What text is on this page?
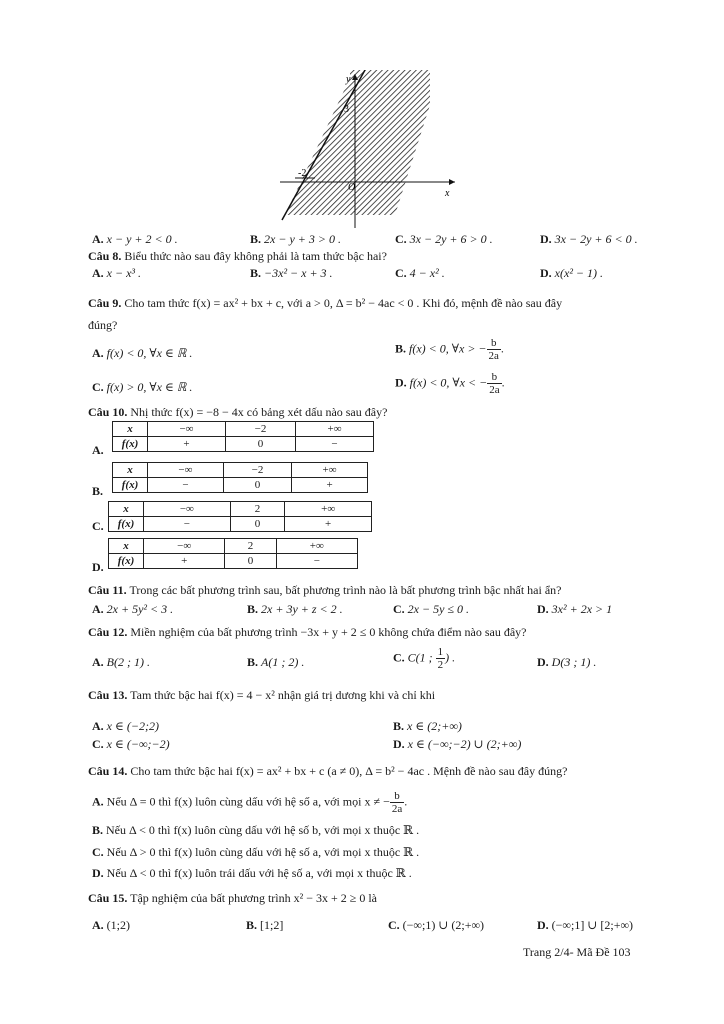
y
x
3
-2
O
A. x − y + 2 < 0 .	B. 2x − y + 3 > 0 .	C. 3x − 2y + 6 > 0 .	D. 3x − 2y + 6 < 0 .
Câu 8. Biểu thức nào sau đây không phải là tam thức bậc hai?
A. x − x³ .	B. −3x² − x + 3 .	C. 4 − x² .	D. x(x² − 1) .
Câu 9. Cho tam thức f(x) = ax² + bx + c, với a > 0, Δ = b² − 4ac < 0 . Khi đó, mệnh đề nào sau đây
đúng?
A. f(x) < 0, ∀x ∈ ℝ .	B. f(x) < 0, ∀x > − $\frac{b}{2a}$ .
C. f(x) > 0, ∀x ∈ ℝ .	D. f(x) < 0, ∀x < − $\frac{b}{2a}$ .
Câu 10. Nhị thức f(x) = −8 − 4x có bảng xét dấu nào sau đây?
A.
x	−∞	−2	+∞
f(x)	+	0	−
B.
x	−∞	−2	+∞
f(x)	−	0	+
C.
x	−∞	2	+∞
f(x)	−	0	+
D.
x	−∞	2	+∞
f(x)	+	0	−
Câu 11. Trong các bất phương trình sau, bất phương trình nào là bất phương trình bậc nhất hai ẩn?
A. 2x + 5y² < 3 .	B. 2x + 3y + z < 2 .	C. 2x − 5y ≤ 0 .	D. 3x² + 2x > 1
Câu 12. Miền nghiệm của bất phương trình −3x + y + 2 ≤ 0 không chứa điểm nào sau đây?
A. B(2 ; 1) .	B. A(1 ; 2) .	C. C(1 ; $\frac{1}{2}$ ) .	D. D(3 ; 1) .
Câu 13. Tam thức bậc hai f(x) = 4 − x² nhận giá trị dương khi và chỉ khi
A. x ∈ (−2;2)	B. x ∈ (2;+∞)
C. x ∈ (−∞;−2)	D. x ∈ (−∞;−2) ∪ (2;+∞)
Câu 14. Cho tam thức bậc hai f(x) = ax² + bx + c (a ≠ 0), Δ = b² − 4ac . Mệnh đề nào sau đây đúng?
A. Nếu Δ = 0 thì f(x) luôn cùng dấu với hệ số a, với mọi x ≠ − $\frac{b}{2a}$ .
B. Nếu Δ < 0 thì f(x) luôn cùng dấu với hệ số b, với mọi x thuộc ℝ .
C. Nếu Δ > 0 thì f(x) luôn cùng dấu với hệ số a, với mọi x thuộc ℝ .
D. Nếu Δ < 0 thì f(x) luôn trái dấu với hệ số a, với mọi x thuộc ℝ .
Câu 15. Tập nghiệm của bất phương trình x² − 3x + 2 ≥ 0 là
A. (1;2)	B. [1;2]	C. (−∞;1) ∪ (2;+∞)	D. (−∞;1] ∪ [2;+∞)
Trang 2/4- Mã Đề 103
